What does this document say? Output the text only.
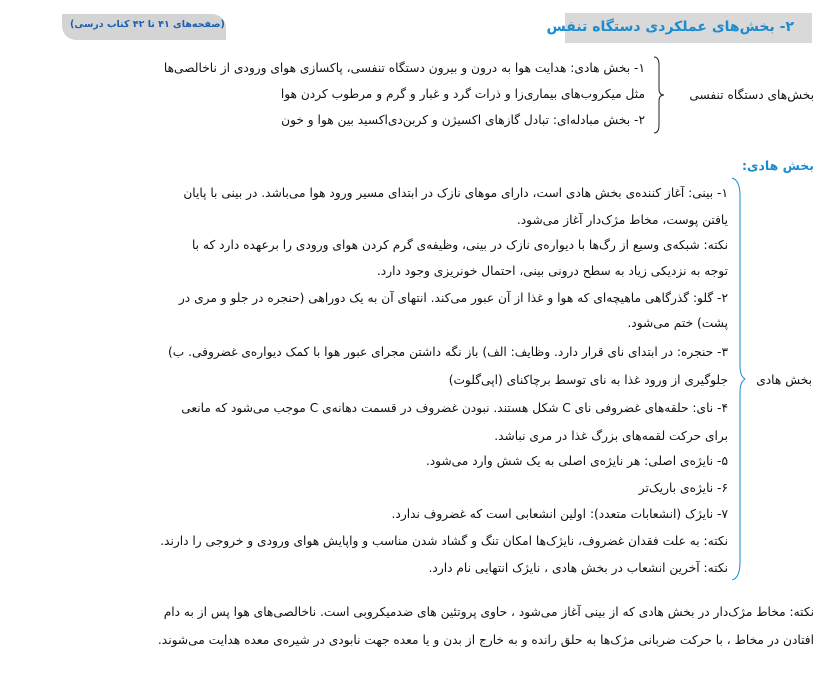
۲- بخش‌های عملکردی دستگاه تنفس
(صفحه‌های ۴۱ تا ۴۲ کتاب درسی)
بخش‌های دستگاه تنفسی
۱- بخش هادی: هدایت هوا به درون و بیرون دستگاه تنفسی، پاکسازی هوای ورودی از ناخالصی‌ها
مثل میکروب‌های بیماری‌زا و ذرات گرد و غبار و گرم و مرطوب کردن هوا
۲- بخش مبادله‌ای: تبادل گازهای اکسیژن و کربن‌دی‌اکسید بین هوا و خون
بخش هادی:
بخش هادی
۱- بینی: آغاز کننده‌ی بخش هادی است، دارای موهای نازک در ابتدای مسیر ورود هوا می‌باشد. در بینی با پایان
یافتن پوست، مخاط مژک‌دار آغاز می‌شود.
نکته: شبکه‌ی وسیع از رگ‌ها با دیواره‌ی نازک در بینی، وظیفه‌ی گرم کردن هوای ورودی را برعهده دارد که با
توجه به نزدیکی زیاد به سطح درونی بینی، احتمال خونریزی وجود دارد.
۲- گلو: گذرگاهی ماهیچه‌ای که هوا و غذا از آن عبور می‌کند. انتهای آن به یک دوراهی (حنجره در جلو و مری در
پشت) ختم می‌شود.
۳- حنجره: در ابتدای نای قرار دارد. وظایف: الف) باز نگه داشتن مجرای عبور هوا با کمک دیواره‌ی غضروفی. ب)
جلوگیری از ورود غذا به نای توسط برچاکنای (اپی‌گلوت)
۴- نای: حلقه‌های غضروفی نای C شکل هستند. نبودن غضروف در قسمت دهانه‌ی C موجب می‌شود که مانعی
برای حرکت لقمه‌های بزرگ غذا در مری نباشد.
۵- نایژه‌ی اصلی: هر نایژه‌ی اصلی به یک شش وارد می‌شود.
۶- نایژه‌ی باریک‌تر
۷- نایژک (انشعابات متعدد): اولین انشعابی است که غضروف ندارد.
نکته: به علت فقدان غضروف، نایژک‌ها امکان تنگ و گشاد شدن مناسب و واپایش هوای ورودی و خروجی را دارند.
نکته: آخرین انشعاب در بخش هادی ، نایژک انتهایی نام دارد.
نکته: مخاط مژک‌دار در بخش هادی که از بینی آغاز می‌شود ، حاوی پروتئین های ضدمیکروبی است. ناخالصی‌های هوا پس از به دام
افتادن در مخاط ، با حرکت ضربانی مژک‌ها به حلق رانده و به خارج از بدن و یا معده جهت نابودی در شیره‌ی معده هدایت می‌شوند.
